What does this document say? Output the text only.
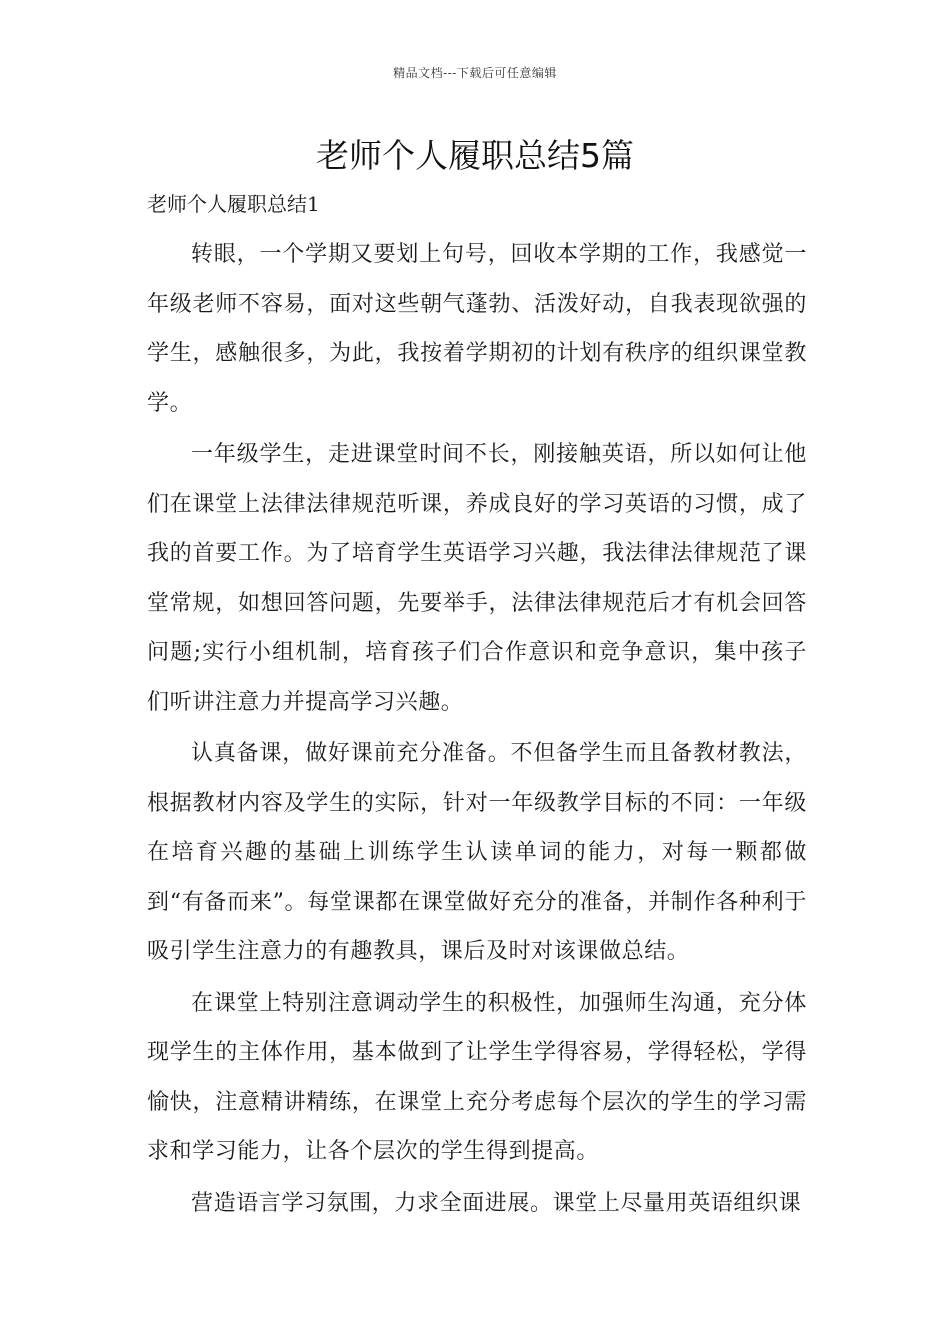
精品文档---下载后可任意编辑
老师个人履职总结5篇

老师个人履职总结1

转眼，一个学期又要划上句号，回收本学期的工作，我感觉一年级老师不容易，面对这些朝气蓬勃、活泼好动，自我表现欲强的学生，感触很多，为此，我按着学期初的计划有秩序的组织课堂教学。

一年级学生，走进课堂时间不长，刚接触英语，所以如何让他们在课堂上法律法律规范听课，养成良好的学习英语的习惯，成了我的首要工作。为了培育学生英语学习兴趣，我法律法律规范了课堂常规，如想回答问题，先要举手，法律法律规范后才有机会回答问题;实行小组机制，培育孩子们合作意识和竞争意识，集中孩子们听讲注意力并提高学习兴趣。

认真备课，做好课前充分准备。不但备学生而且备教材教法，根据教材内容及学生的实际，针对一年级教学目标的不同：一年级在培育兴趣的基础上训练学生认读单词的能力，对每一颗都做到“有备而来”。每堂课都在课堂做好充分的准备，并制作各种利于吸引学生注意力的有趣教具，课后及时对该课做总结。

在课堂上特别注意调动学生的积极性，加强师生沟通，充分体现学生的主体作用，基本做到了让学生学得容易，学得轻松，学得愉快，注意精讲精练，在课堂上充分考虑每个层次的学生的学习需求和学习能力，让各个层次的学生得到提高。

营造语言学习氛围，力求全面进展。课堂上尽量用英语组织课
